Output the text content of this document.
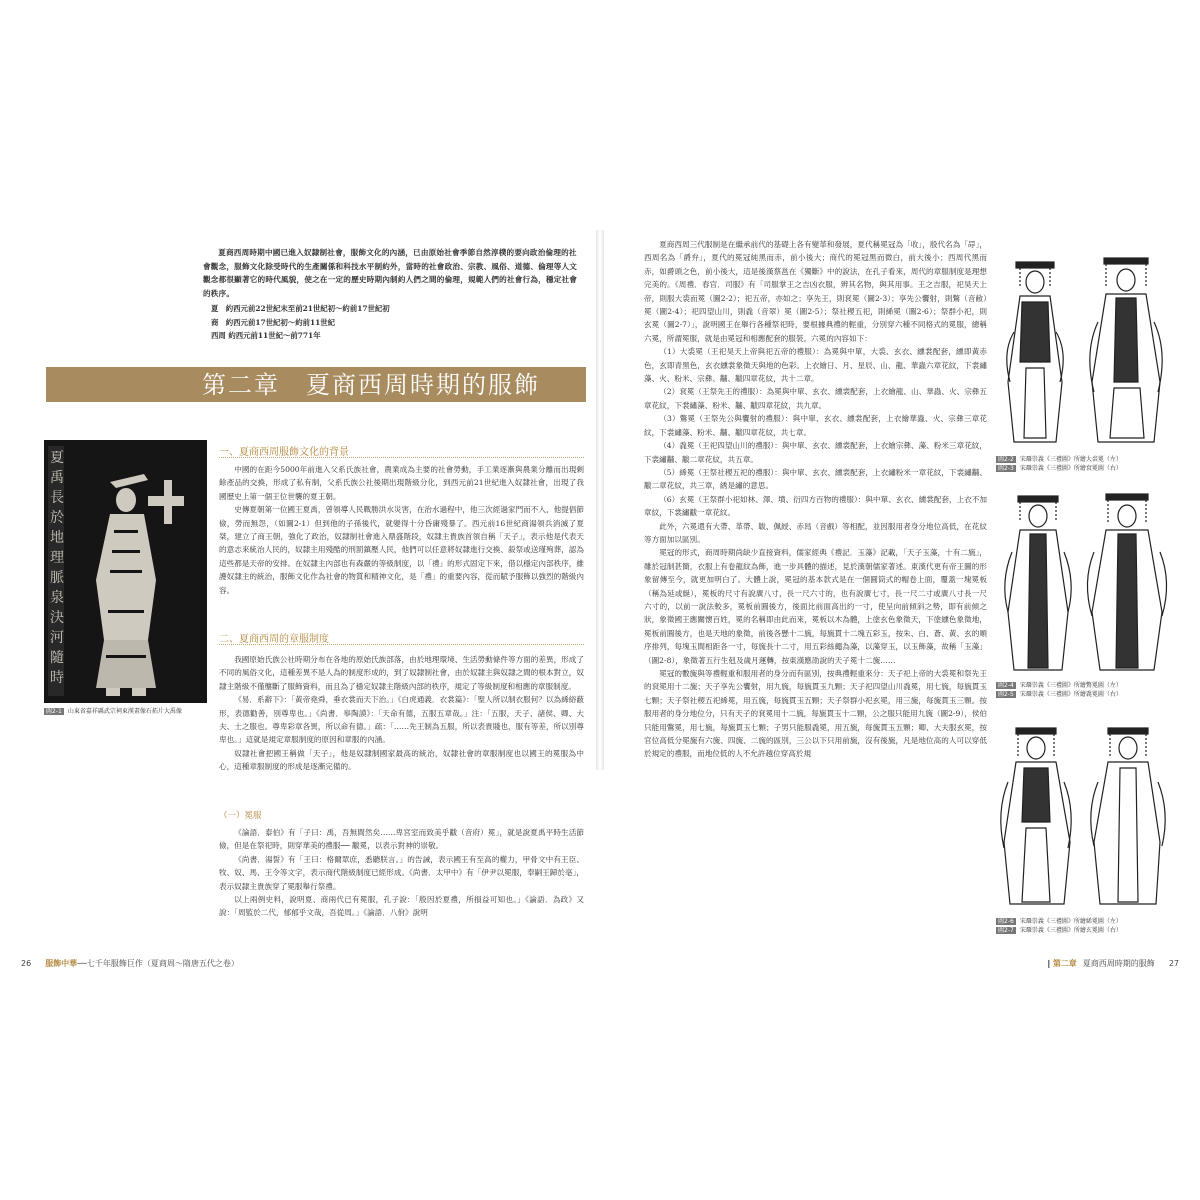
夏商西周時期中國已進入奴隸制社會，服飾文化的內涵，已由原始社會季節自然淳樸的要向政治倫理的社會觀念，服飾文化除受時代的生產關係和科技水平制約外，當時的社會政治、宗教、風俗、道德、倫理等人文觀念都很顯著它的時代風貌，使之在一定的歷史時期內制約人們之間的倫理，規範人們的社會行為，穩定社會的秩序。

夏　約西元前22世紀末至前21世紀初～約前17世紀初
商　約西元前17世紀初～約前11世紀
西周 約西元前11世紀～前771年
第二章　夏商西周時期的服飾
夏
禹
長
於
地
理
脈
泉
決
河
隨
時
圖2-1 山東省嘉祥縣武宗祠東漢畫像石拓片大禹像
一、夏商西周服飾文化的背景

中國的在距今5000年前進入父系氏族社會，農業成為主要的社會勞動，手工業逐漸與農業分離而出現剩餘產品的交換，形成了私有制，父系氏族公社後期出現階級分化，到西元前21世紀進入奴隸社會，出現了我國歷史上第一個王位世襲的夏王朝。

史傳夏朝第一位國王夏禹，曾領導人民戰勝洪水災害，在治水過程中，他三次經過家門而不入，他提倡節儉，勞而無怨，（如圖2-1）但到他的子孫後代，就變得十分昏庸殘暴了。西元前16世紀商湯領兵消滅了夏桀，建立了商王朝，強化了政治，奴隸制社會進入鼎盛階段，奴隸主貴族首領自稱「天子」，表示他是代表天的意志來統治人民的，奴隸主用殘酷的刑罰鎮壓人民，他們可以任意將奴隸進行交換、殺祭或送瑾殉葬，認為這些都是天帝的安排。在奴隸主內部也有森嚴的等級制度，以「禮」的形式固定下來，借以穩定內部秩序，維護奴隸主的統治，服飾文化作為社會的物質和精神文化，是「禮」的重要內容，從而賦予服飾以強烈的階級內容。

二、夏商西周的章服制度

我國原始氏族公社時期分布在各地的原始氏族部落，由於地理環境、生活勞動條件等方面的差異，形成了不同的風俗文化，這種差異不是人為的制度形成的，到了奴隸制社會，由於奴隸主與奴隸之間的根本對立，奴隸主階級不僅壟斷了服飾資料，而且為了穩定奴隸主階級內部的秩序，規定了等級制度和相應的章服制度。

《易．系辭下》：「黃帝堯舜，垂衣裳而天下治。」《白虎通義．衣裳篇》：「聖人所以制衣服何？以為絺綌蔽形，表德勸善，別尊卑也。」《尚書．皋陶謨》：「天命有德，五服五章哉。」注：「五服，天子、諸侯、卿、大夫、士之服也。尊卑彩章各異，所以命有德。」疏：「……先王制為五服，所以表貴賤也，服有等差，所以別尊卑也。」這就是規定章服制度的原因和章服的內涵。

奴隸社會把國王稱做「天子」，他是奴隸制國家最高的統治，奴隸社會的章服制度也以國王的冕服為中心，這種章服制度的形成是逐漸完備的。

（一）冕服

《論語．泰伯》有「子曰：禹，吾無間然矣……卑宮室而致美乎黻（音府）冕」，就是說夏禹平時生活節儉，但是在祭祀時，則穿華美的禮服── 黻冕，以表示對神的崇敬。

《尚書．湯誓》有「王曰：格爾眾庶，悉聽朕言。」的告誡，表示國王有至高的權力，甲骨文中有王臣、牧、奴、馬、王令等文字，表示商代階級制度已經形成。《尚書．太甲中》有「伊尹以冕服，奉嗣王歸於亳」，表示奴隸主貴族穿了冕服舉行祭禮。

以上兩例史料，說明夏、商兩代已有冕服，孔子說：「殷因於夏禮，所損益可知也。」《論語．為政》又說：「周監於二代，郁郁乎文哉，吾從周。」《論語．八佾》說明

26 服飾中華──七千年服飾巨作（夏商周～隋唐五代之卷）

夏商西周三代服制是在繼承前代的基礎上各有變革和發展，夏代稱冕冠為「收」，殷代名為「冔」，西周名為「爵弁」，夏代的冕冠純黑而赤，前小後大；商代的冕冠黑而微白，前大後小；西周代黑而赤，如爵頭之色，前小後大，這是後漢蔡邕在《獨斷》中的說法，在孔子看來，周代的章服制度是理想完美的。《周禮．春官．司服》有「司服掌王之吉凶衣服，辨其名物，與其用事。王之吉服，祀昊天上帝，則服大裘而冕（圖2-2）；祀五帝，亦如之；享先王，則袞冕（圖2-3）；享先公饗射，則鷩（音敝）冕（圖2-4）；祀四望山川，則毳（音翠）冕（圖2-5）；祭社稷五祀，則絺冕（圖2-6）；祭群小祀，則玄冕（圖2-7）」，說明國王在舉行各種祭祀時，要根據典禮的輕重，分別穿六種不同格式的冕服，總稱六冕，所謂冕服，就是由冕冠和相應配套的服裝。六冕的內容如下：

（1）大裘冕（王祀昊天上帝與祀五帝的禮服）：為冕與中單，大裘、玄衣、纁裳配套，纁即黃赤色，玄即青黑色，玄衣纁裳象徵天與地的色彩。上衣繪日、月、星辰、山、龍、華蟲六章花紋，下裳繡藻、火、粉米、宗彝、黼、黻四章花紋，共十二章。

（2）袞冕（王祭先王的禮服）：為冕與中單、玄衣、纁裳配套，上衣繪龍、山、華蟲、火、宗彝五章花紋，下裳繡藻、粉米、黼、黻四章花紋，共九章。

（3）鷩冕（王祭先公與饗射的禮服）：與中單、玄衣、纁裳配套，上衣繪華蟲、火、宗彝三章花紋，下裳繡藻、粉米、黼、黻四章花紋，共七章。

（4）毳冕（王祀四望山川的禮服）：與中單、玄衣、纁裳配套，上衣繪宗彝、藻、粉米三章花紋，下裳繡黼、黻二章花紋，共五章。

（5）絺冕（王祭社稷五祀的禮服）：與中單、玄衣、纁裳配套，上衣繡粉米一章花紋，下裳繡黼、黻二章花紋，共三章，綉是繡的意思。

（6）玄冕（王祭群小祀如林、澤、墳、衍四方百物的禮服）：與中單、玄衣、纁裳配套，上衣不加章紋，下裳繡黻一章花紋。

此外，六冕還有大帶、革帶、韍、佩綬、赤舄（音戲）等相配，並因服用者身分地位高低，在花紋等方面加以區別。

冕冠的形式，商周時期尚缺少直接資料，儒家經典《禮記．玉藻》記載，「天子玉藻，十有二旒」，雖於冠制甚簡，衣服上有卷龍紋為飾，進一步具體的描述，見於漢朝儒家著述。東漢代更有帝王圖的形象留傳至今，就更加明白了。大體上說，冕冠的基本款式是在一個圓筒式的帽卷上面，覆蓋一塊冕板（稱為延或綖），冕板的尺寸有說廣八寸，長一尺六寸的，也有說廣七寸，長一尺二寸或廣八寸長一尺六寸的，以前一說法較多，冕板前圓後方，後面比前面高出約一寸，使呈向前傾斜之勢，即有前傾之狀，象徵國王應關懷百姓，冕的名稱即由此而來，冕板以木為體，上塗玄色象徵天，下塗纁色象徵地，冕板前圓後方，也是天地的象徵，前後各懸十二旒，每旒貫十二塊五彩玉，按朱、白、蒼、黃、玄的順序排列，每塊玉間相距各一寸，每旒長十二寸，用五彩絲繩為藻，以藻穿玉，以玉飾藻，故稱「玉藻」（圖2-8），象徵著五行生剋及歲月運轉，按東漢應劭說的天子冕十二旒……

冕冠的數旒與等禮輕重和服用者的身分而有區別，按典禮輕重來分：天子祀上帝的大裘冕和祭先王的袞冕用十二旒；天子享先公饗射，用九旒，每旒貫玉九顆；天子祀四望山川毳冕，用七旒，每旒貫玉七顆；天子祭社稷五祀絺冕，用五旒，每旒貫玉五顆；天子祭群小祀玄冕，用三旒，每旒貫玉三顆。按服用者的身分地位分，只有天子的袞冕用十二旒，每旒貫玉十二顆，公之服只能用九旒（圖2-9），侯伯只能用鷩冕，用七旒，每旒貫玉七顆；子男只能服毳冕，用五旒，每旒貫玉五顆；卿、大夫服玄冕，按官位高低分冕旒有六旒、四旒、二旒的區別，三公以下只用前旒，沒有後旒，凡是地位高的人可以穿低於規定的禮服，而地位低的人不允許越位穿高於規

圖2-2 宋聶崇義《三禮圖》所繪大裘冕（左）
圖2-3 宋聶崇義《三禮圖》所繪袞冕圖（右）
圖2-4 宋聶崇義《三禮圖》所繪鷩冕圖（左）
圖2-5 宋聶崇義《三禮圖》所繪毳冕圖（右）
圖2-6 宋聶崇義《三禮圖》所繪絺冕圖（左）
圖2-7 宋聶崇義《三禮圖》所繪玄冕圖（右）
| 第二章 夏商西周時期的服飾 27
